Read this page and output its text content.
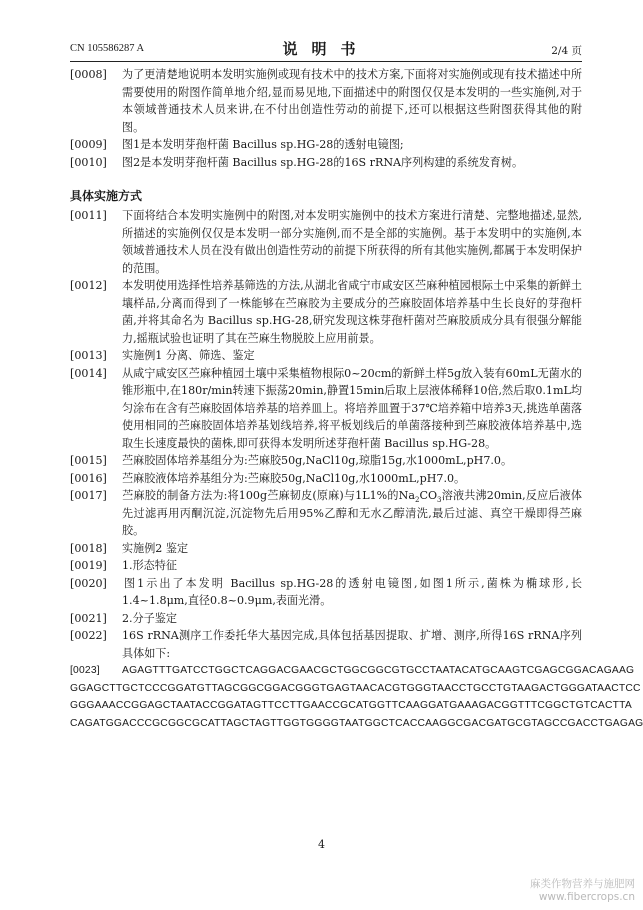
CN 105586287 A	说明书	2/4 页

[0008] 为了更清楚地说明本发明实施例或现有技术中的技术方案,下面将对实施例或现有技术描述中所需要使用的附图作简单地介绍,显而易见地,下面描述中的附图仅仅是本发明的一些实施例,对于本领域普通技术人员来讲,在不付出创造性劳动的前提下,还可以根据这些附图获得其他的附图。

[0009] 图1是本发明芽孢杆菌 Bacillus sp.HG-28的透射电镜图;

[0010] 图2是本发明芽孢杆菌 Bacillus sp.HG-28的16S rRNA序列构建的系统发育树。

具体实施方式

[0011] 下面将结合本发明实施例中的附图,对本发明实施例中的技术方案进行清楚、完整地描述,显然,所描述的实施例仅仅是本发明一部分实施例,而不是全部的实施例。基于本发明中的实施例,本领域普通技术人员在没有做出创造性劳动的前提下所获得的所有其他实施例,都属于本发明保护的范围。

[0012] 本发明使用选择性培养基筛选的方法,从湖北省咸宁市咸安区苎麻种植园根际土中采集的新鲜土壤样品,分离而得到了一株能够在苎麻胶为主要成分的苎麻胶固体培养基中生长良好的芽孢杆菌,并将其命名为 Bacillus sp.HG-28,研究发现这株芽孢杆菌对苎麻胶质成分具有很强分解能力,摇瓶试验也证明了其在苎麻生物脱胶上应用前景。

[0013] 实施例1 分离、筛选、鉴定

[0014] 从咸宁咸安区苎麻种植园土壤中采集植物根际0~20cm的新鲜土样5g放入装有60mL无菌水的锥形瓶中,在180r/min转速下振荡20min,静置15min后取上层液体稀释10倍,然后取0.1mL均匀涂布在含有苎麻胶固体培养基的培养皿上。将培养皿置于37℃培养箱中培养3天,挑选单菌落使用相同的苎麻胶固体培养基划线培养,将平板划线后的单菌落接种到苎麻胶液体培养基中,选取生长速度最快的菌株,即可获得本发明所述芽孢杆菌 Bacillus sp.HG-28。

[0015] 苎麻胶固体培养基组分为:苎麻胶50g,NaCl10g,琼脂15g,水1000mL,pH7.0。

[0016] 苎麻胶液体培养基组分为:苎麻胶50g,NaCl10g,水1000mL,pH7.0。

[0017] 苎麻胶的制备方法为:将100g苎麻韧皮(原麻)与1L1%的$Na_2CO_3$溶液共沸20min,反应后液体先过滤再用丙酮沉淀,沉淀物先后用95%乙醇和无水乙醇清洗,最后过滤、真空干燥即得苎麻胶。

[0018] 实施例2 鉴定

[0019] 1.形态特征

[0020] 图1示出了本发明 Bacillus sp.HG-28的透射电镜图,如图1所示,菌株为椭球形,长1.4~1.8μm,直径0.8~0.9μm,表面光滑。

[0021] 2.分子鉴定

[0022] 16S rRNA测序工作委托华大基因完成,具体包括基因提取、扩增、测序,所得16S rRNA序列具体如下:

[0023] AGAGTTTGATCCTGGCTCAGGACGAACGCTGGCGGCGTGCCTAATACATGCAAGTCGAGCGGACAGAAG

GGAGCTTGCTCCCGGATGTTAGCGGCGGACGGGTGAGTAACACGTGGGTAACCTGCCTGTAAGACTGGGATAACTCC

GGGAAACCGGAGCTAATACCGGATAGTTCCTTGAACCGCATGGTTCAAGGATGAAAGACGGTTTCGGCTGTCACTTA

CAGATGGACCCGCGGCGCATTAGCTAGTTGGTGGGGTAATGGCTCACCAAGGCGACGATGCGTAGCCGACCTGAGAG

4
麻类作物营养与施肥网
www.fibercrops.cn
